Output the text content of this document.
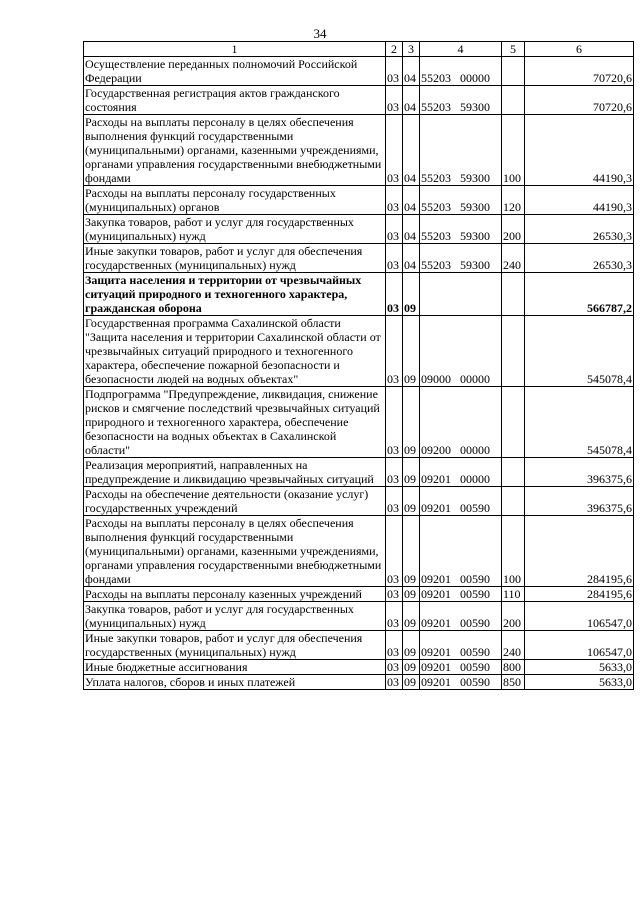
34
1	2	3	4	5	6
Осуществление переданных полномочий Российской Федерации	03	04	55203 00000		70720,6
Государственная регистрация актов гражданского состояния	03	04	55203 59300		70720,6
Расходы на выплаты персоналу в целях обеспечения выполнения функций государственными (муниципальными) органами, казенными учреждениями, органами управления государственными внебюджетными фондами	03	04	55203 59300	100	44190,3
Расходы на выплаты персоналу государственных (муниципальных) органов	03	04	55203 59300	120	44190,3
Закупка товаров, работ и услуг для государственных (муниципальных) нужд	03	04	55203 59300	200	26530,3
Иные закупки товаров, работ и услуг для обеспечения государственных (муниципальных) нужд	03	04	55203 59300	240	26530,3
Защита населения и территории от чрезвычайных ситуаций природного и техногенного характера, гражданская оборона	03	09			566787,2
Государственная программа Сахалинской области "Защита населения и территории Сахалинской области от чрезвычайных ситуаций природного и техногенного характера, обеспечение пожарной безопасности и безопасности людей на водных объектах"	03	09	09000 00000		545078,4
Подпрограмма "Предупреждение, ликвидация, снижение рисков и смягчение последствий чрезвычайных ситуаций природного и техногенного характера, обеспечение безопасности на водных объектах в Сахалинской области"	03	09	09200 00000		545078,4
Реализация мероприятий, направленных на предупреждение и ликвидацию чрезвычайных ситуаций	03	09	09201 00000		396375,6
Расходы на обеспечение деятельности (оказание услуг) государственных учреждений	03	09	09201 00590		396375,6
Расходы на выплаты персоналу в целях обеспечения выполнения функций государственными (муниципальными) органами, казенными учреждениями, органами управления государственными внебюджетными фондами	03	09	09201 00590	100	284195,6
Расходы на выплаты персоналу казенных учреждений	03	09	09201 00590	110	284195,6
Закупка товаров, работ и услуг для государственных (муниципальных) нужд	03	09	09201 00590	200	106547,0
Иные закупки товаров, работ и услуг для обеспечения государственных (муниципальных) нужд	03	09	09201 00590	240	106547,0
Иные бюджетные ассигнования	03	09	09201 00590	800	5633,0
Уплата налогов, сборов и иных платежей	03	09	09201 00590	850	5633,0
